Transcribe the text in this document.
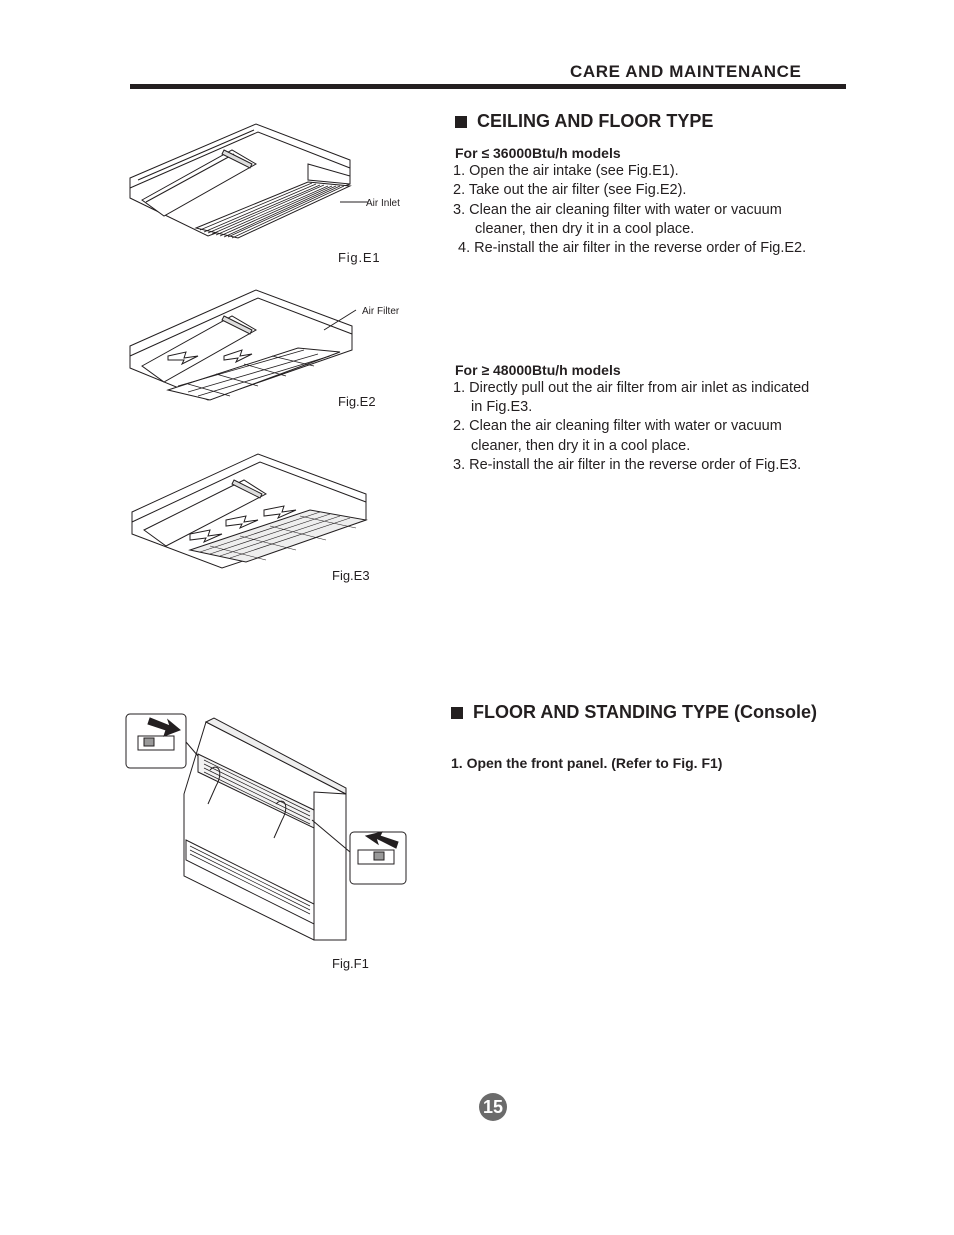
CARE AND MAINTENANCE
CEILING AND FLOOR TYPE
For ≤ 36000Btu/h models
1. Open the air intake (see Fig.E1).
2. Take out the air filter (see Fig.E2).
3. Clean the air cleaning filter with water or vacuum
cleaner, then dry it in a cool place.
4. Re-install the air filter in the reverse order of Fig.E2.
For ≥ 48000Btu/h models
1. Directly pull out the air filter from air inlet as indicated
in Fig.E3.
2. Clean the air cleaning filter with water or vacuum
cleaner, then dry it in a cool place.
3. Re-install the air filter in the reverse order of Fig.E3.
Air Inlet
Fig.E1
Air Filter
Fig.E2
Fig.E3
FLOOR AND STANDING TYPE (Console)
1. Open the front panel. (Refer to Fig. F1)
Fig.F1
15
